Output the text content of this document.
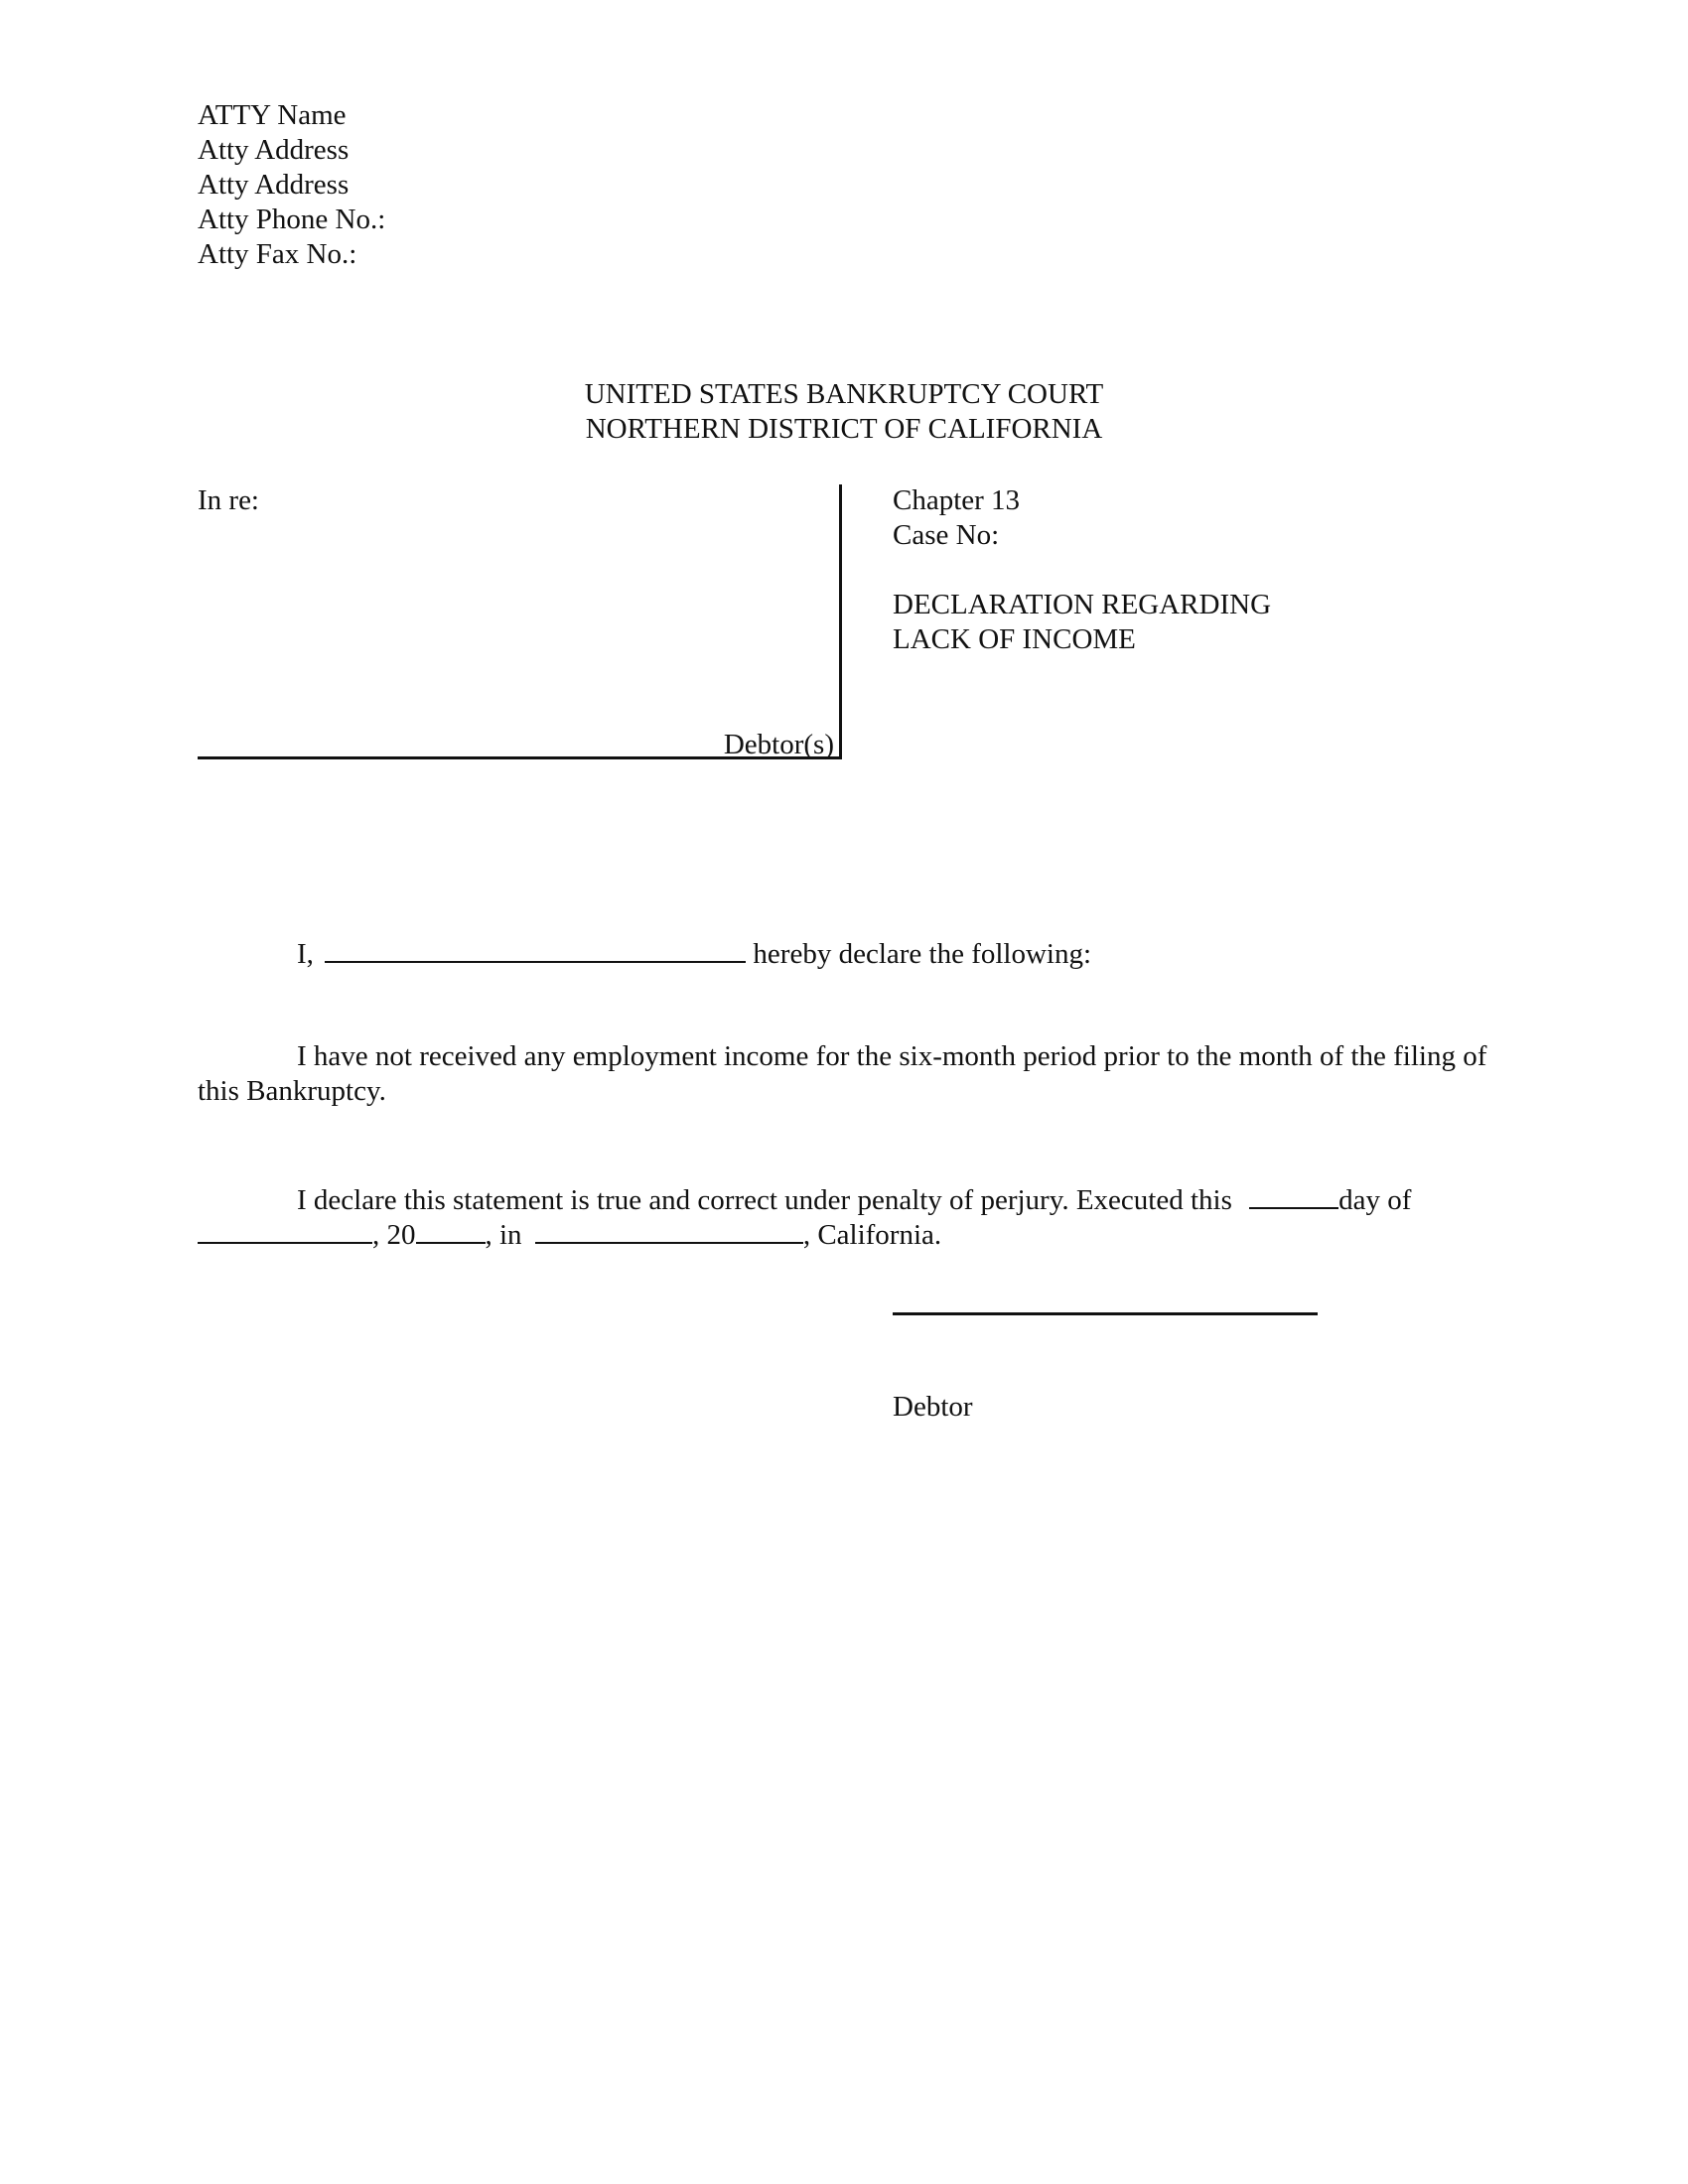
ATTY Name
Atty Address
Atty Address
Atty Phone No.:
Atty Fax No.:
UNITED STATES BANKRUPTCY COURT
NORTHERN DISTRICT OF CALIFORNIA
In re:
Debtor(s)
Chapter 13
Case No:
DECLARATION REGARDING
LACK OF INCOME
I,	hereby declare the following:
I have not received any employment income for the six-month period prior to the month of the filing of this Bankruptcy.
I declare this statement is true and correct under penalty of perjury. Executed this	day of
, 20 , in	, California.
Debtor
